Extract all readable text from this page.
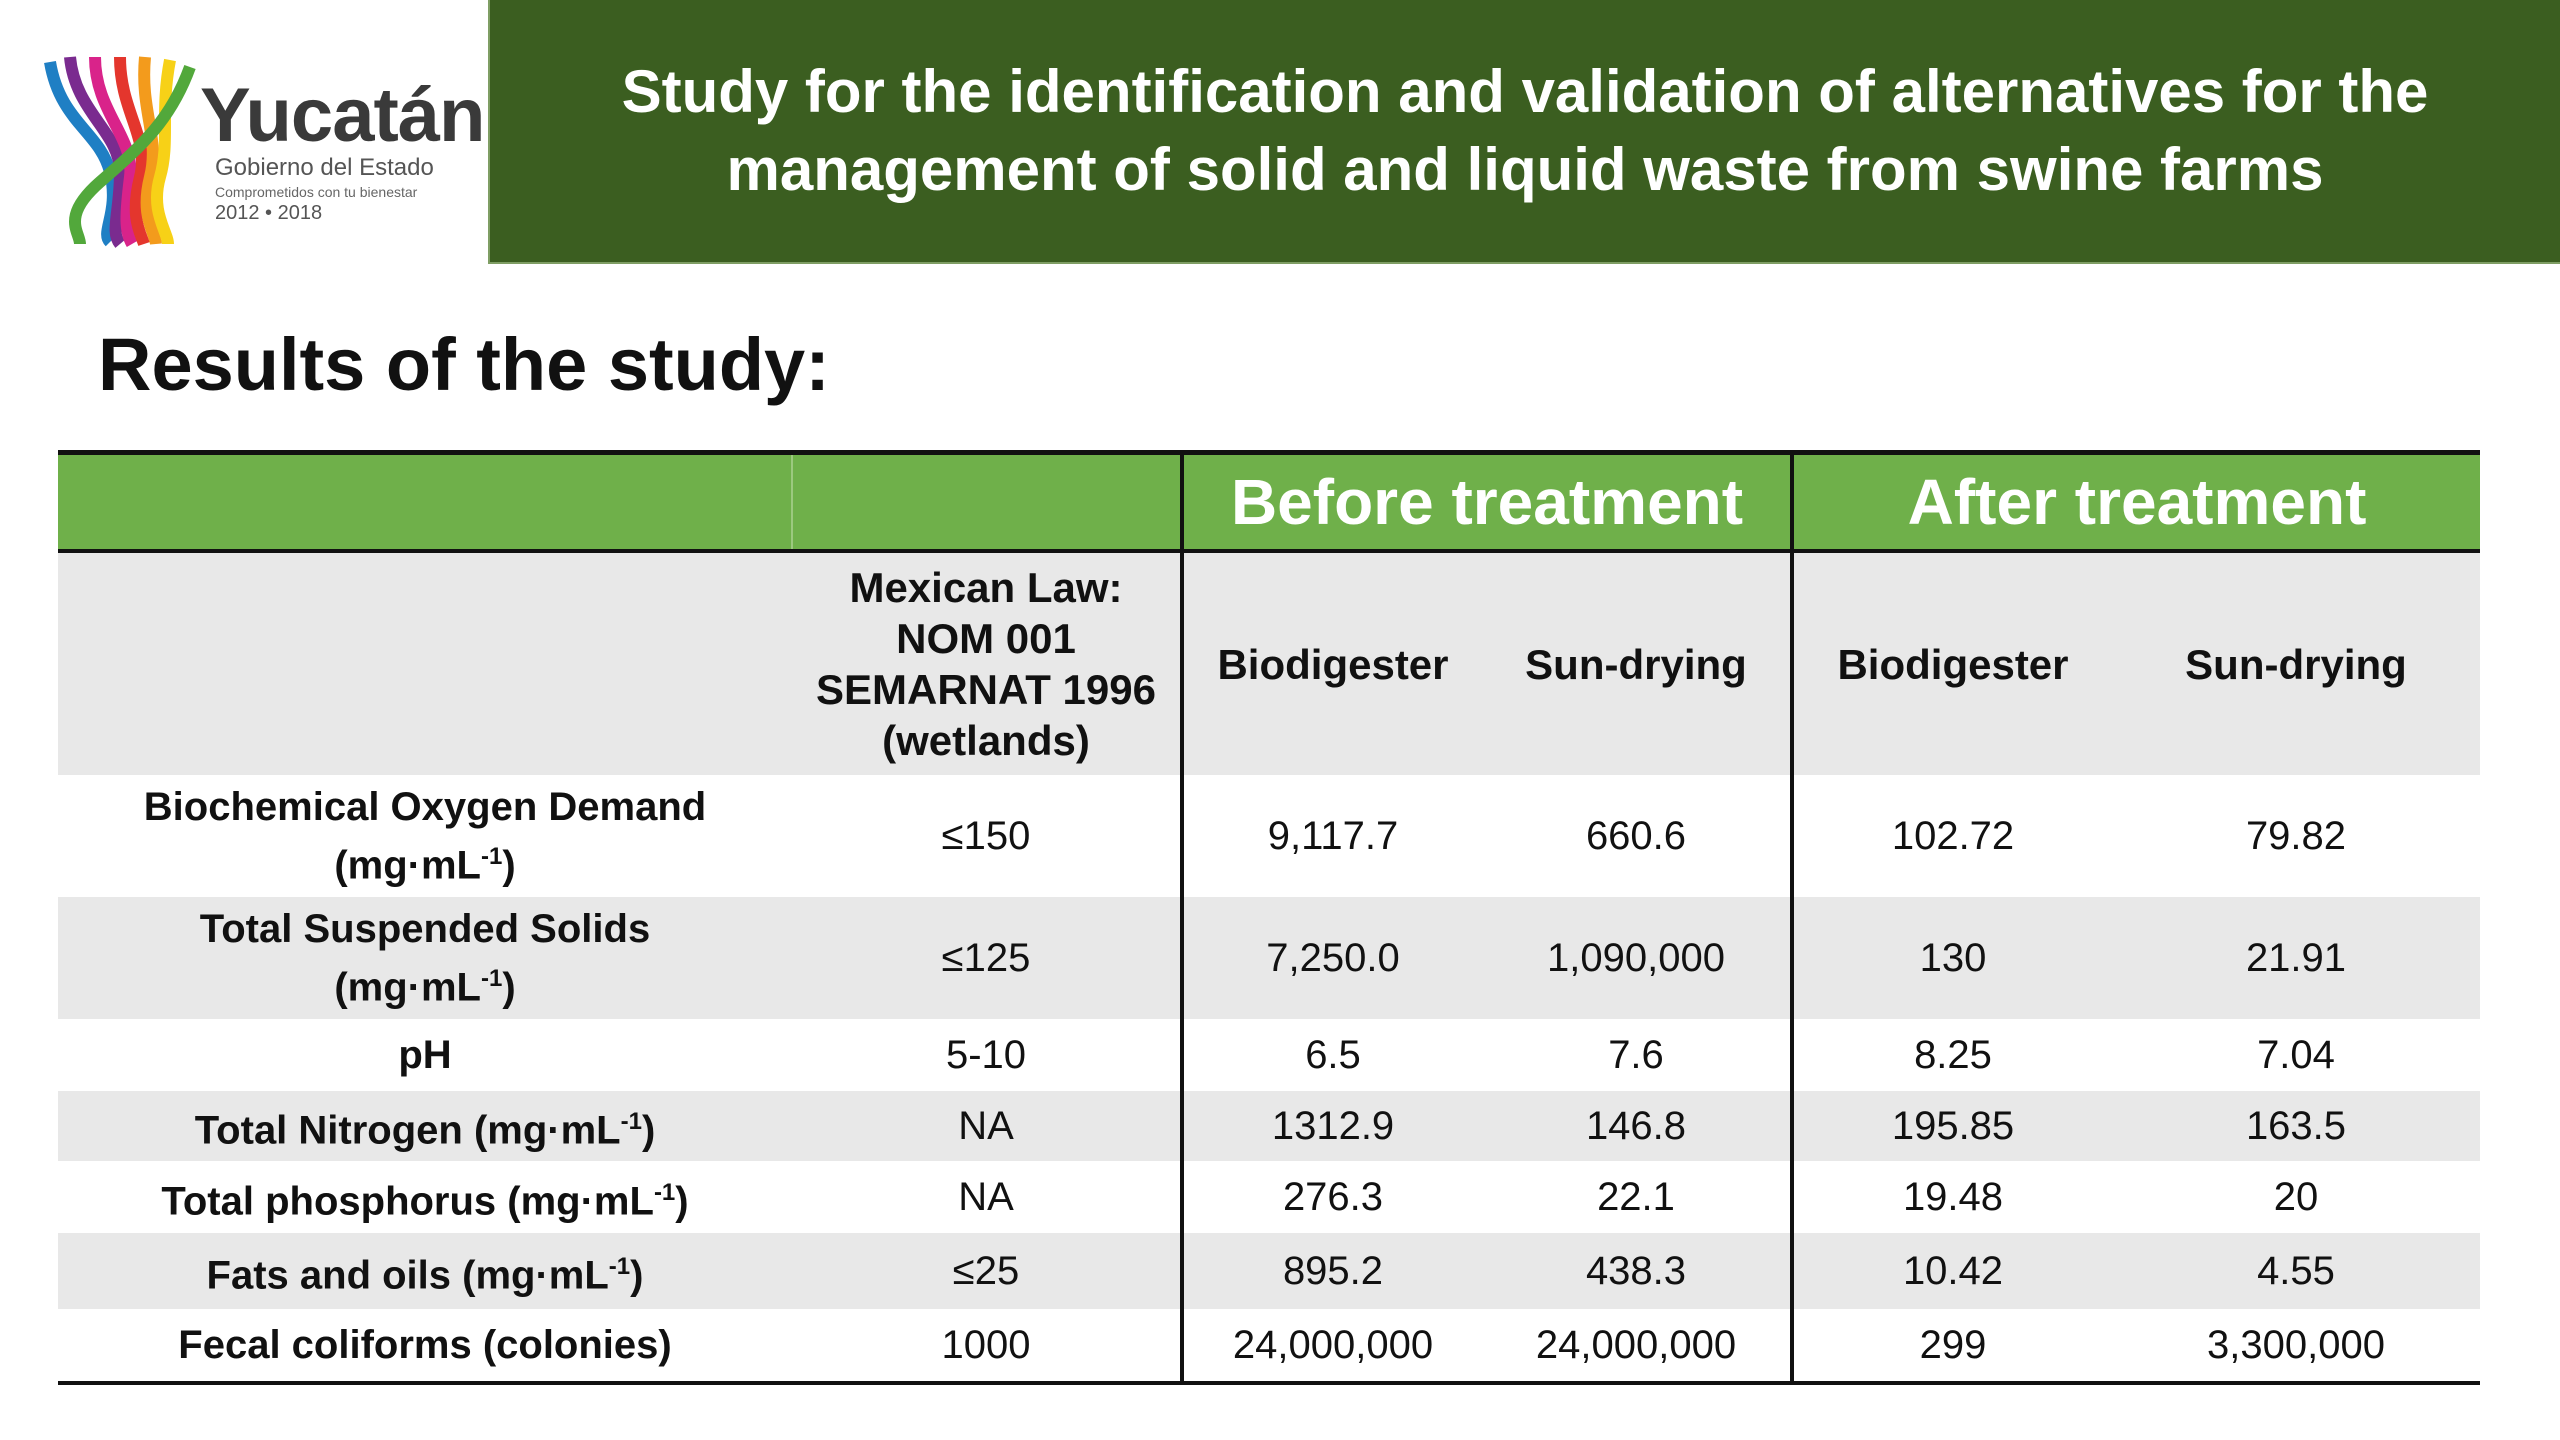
Yucatán
Gobierno del Estado
Comprometidos con tu bienestar
2012 • 2018
Study for the identification and validation of alternatives for the
management of solid and liquid waste from swine farms
Results of the study:
		Before treatment		After treatment	

	Mexican Law:
NOM 001
SEMARNAT 1996
(wetlands)	Biodigester	Sun-drying	Biodigester	Sun-drying

Biochemical Oxygen Demand
$(mg\cdot mL^{-1})$	≤150	9,117.7	660.6	102.72	79.82

Total Suspended Solids
$(mg\cdot mL^{-1})$	≤125	7,250.0	1,090,000	130	21.91
pH	5-10	6.5	7.6	8.25	7.04
Total Nitrogen $(mg\cdot mL^{-1})$	NA	1312.9	146.8	195.85	163.5
Total phosphorus $(mg\cdot mL^{-1})$	NA	276.3	22.1	19.48	20
Fats and oils $(mg\cdot mL^{-1})$	≤25	895.2	438.3	10.42	4.55
Fecal coliforms (colonies)	1000	24,000,000	24,000,000	299	3,300,000
